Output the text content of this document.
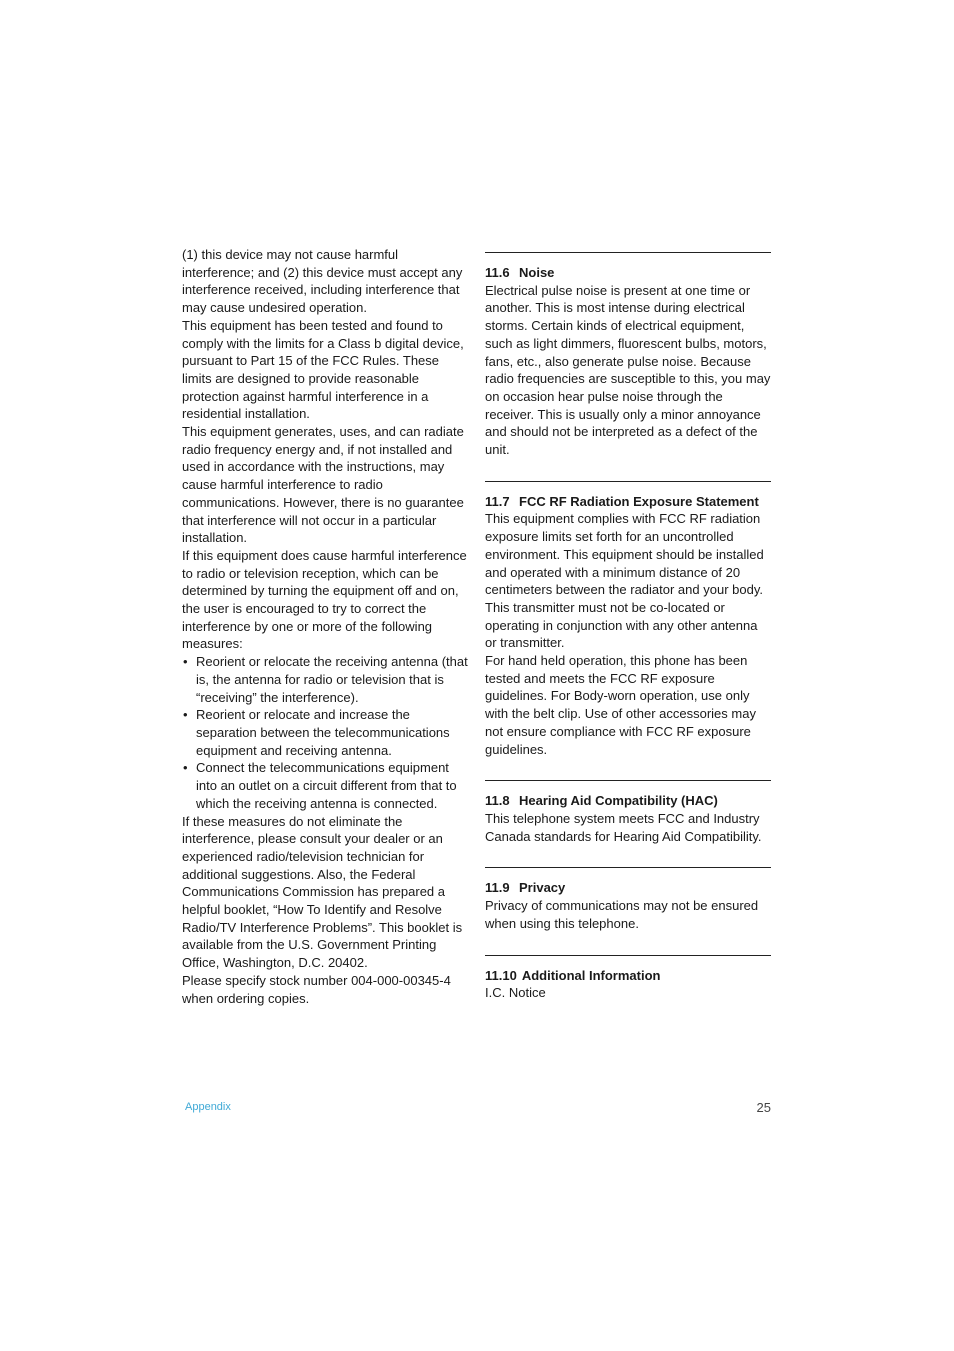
(1) this device may not cause harmful interference; and (2) this device must accept any interference received, including interference that may cause undesired operation.

This equipment has been tested and found to comply with the limits for a Class b digital device, pursuant to Part 15 of the FCC Rules. These limits are designed to provide reasonable protection against harmful interference in a residential installation.

This equipment generates, uses, and can radiate radio frequency energy and, if not installed and used in accordance with the instructions, may cause harmful interference to radio communications. However, there is no guarantee that interference will not occur in a particular installation.

If this equipment does cause harmful interference to radio or television reception, which can be determined by turning the equipment off and on, the user is encouraged to try to correct the interference by one or more of the following measures:

• Reorient or relocate the receiving antenna (that is, the antenna for radio or television that is “receiving” the interference).
• Reorient or relocate and increase the separation between the telecommunications equipment and receiving antenna.
• Connect the telecommunications equipment into an outlet on a circuit different from that to which the receiving antenna is connected.

If these measures do not eliminate the interference, please consult your dealer or an experienced radio/television technician for additional suggestions. Also, the Federal Communications Commission has prepared a helpful booklet, “How To Identify and Resolve Radio/TV Interference Problems”. This booklet is available from the U.S. Government Printing Office, Washington, D.C. 20402.

Please specify stock number 004-000-00345-4 when ordering copies.

11.6 Noise

Electrical pulse noise is present at one time or another. This is most intense during electrical storms. Certain kinds of electrical equipment, such as light dimmers, fluorescent bulbs, motors, fans, etc., also generate pulse noise. Because radio frequencies are susceptible to this, you may on occasion hear pulse noise through the receiver. This is usually only a minor annoyance and should not be interpreted as a defect of the unit.

11.7 FCC RF Radiation Exposure Statement

This equipment complies with FCC RF radiation exposure limits set forth for an uncontrolled environment. This equipment should be installed and operated with a minimum distance of 20 centimeters between the radiator and your body. This transmitter must not be co-located or operating in conjunction with any other antenna or transmitter.

For hand held operation, this phone has been tested and meets the FCC RF exposure guidelines. For Body-worn operation, use only with the belt clip. Use of other accessories may not ensure compliance with FCC RF exposure guidelines.

11.8 Hearing Aid Compatibility (HAC)

This telephone system meets FCC and Industry Canada standards for Hearing Aid Compatibility.

11.9 Privacy

Privacy of communications may not be ensured when using this telephone.

11.10 Additional Information

I.C. Notice

Appendix	25
